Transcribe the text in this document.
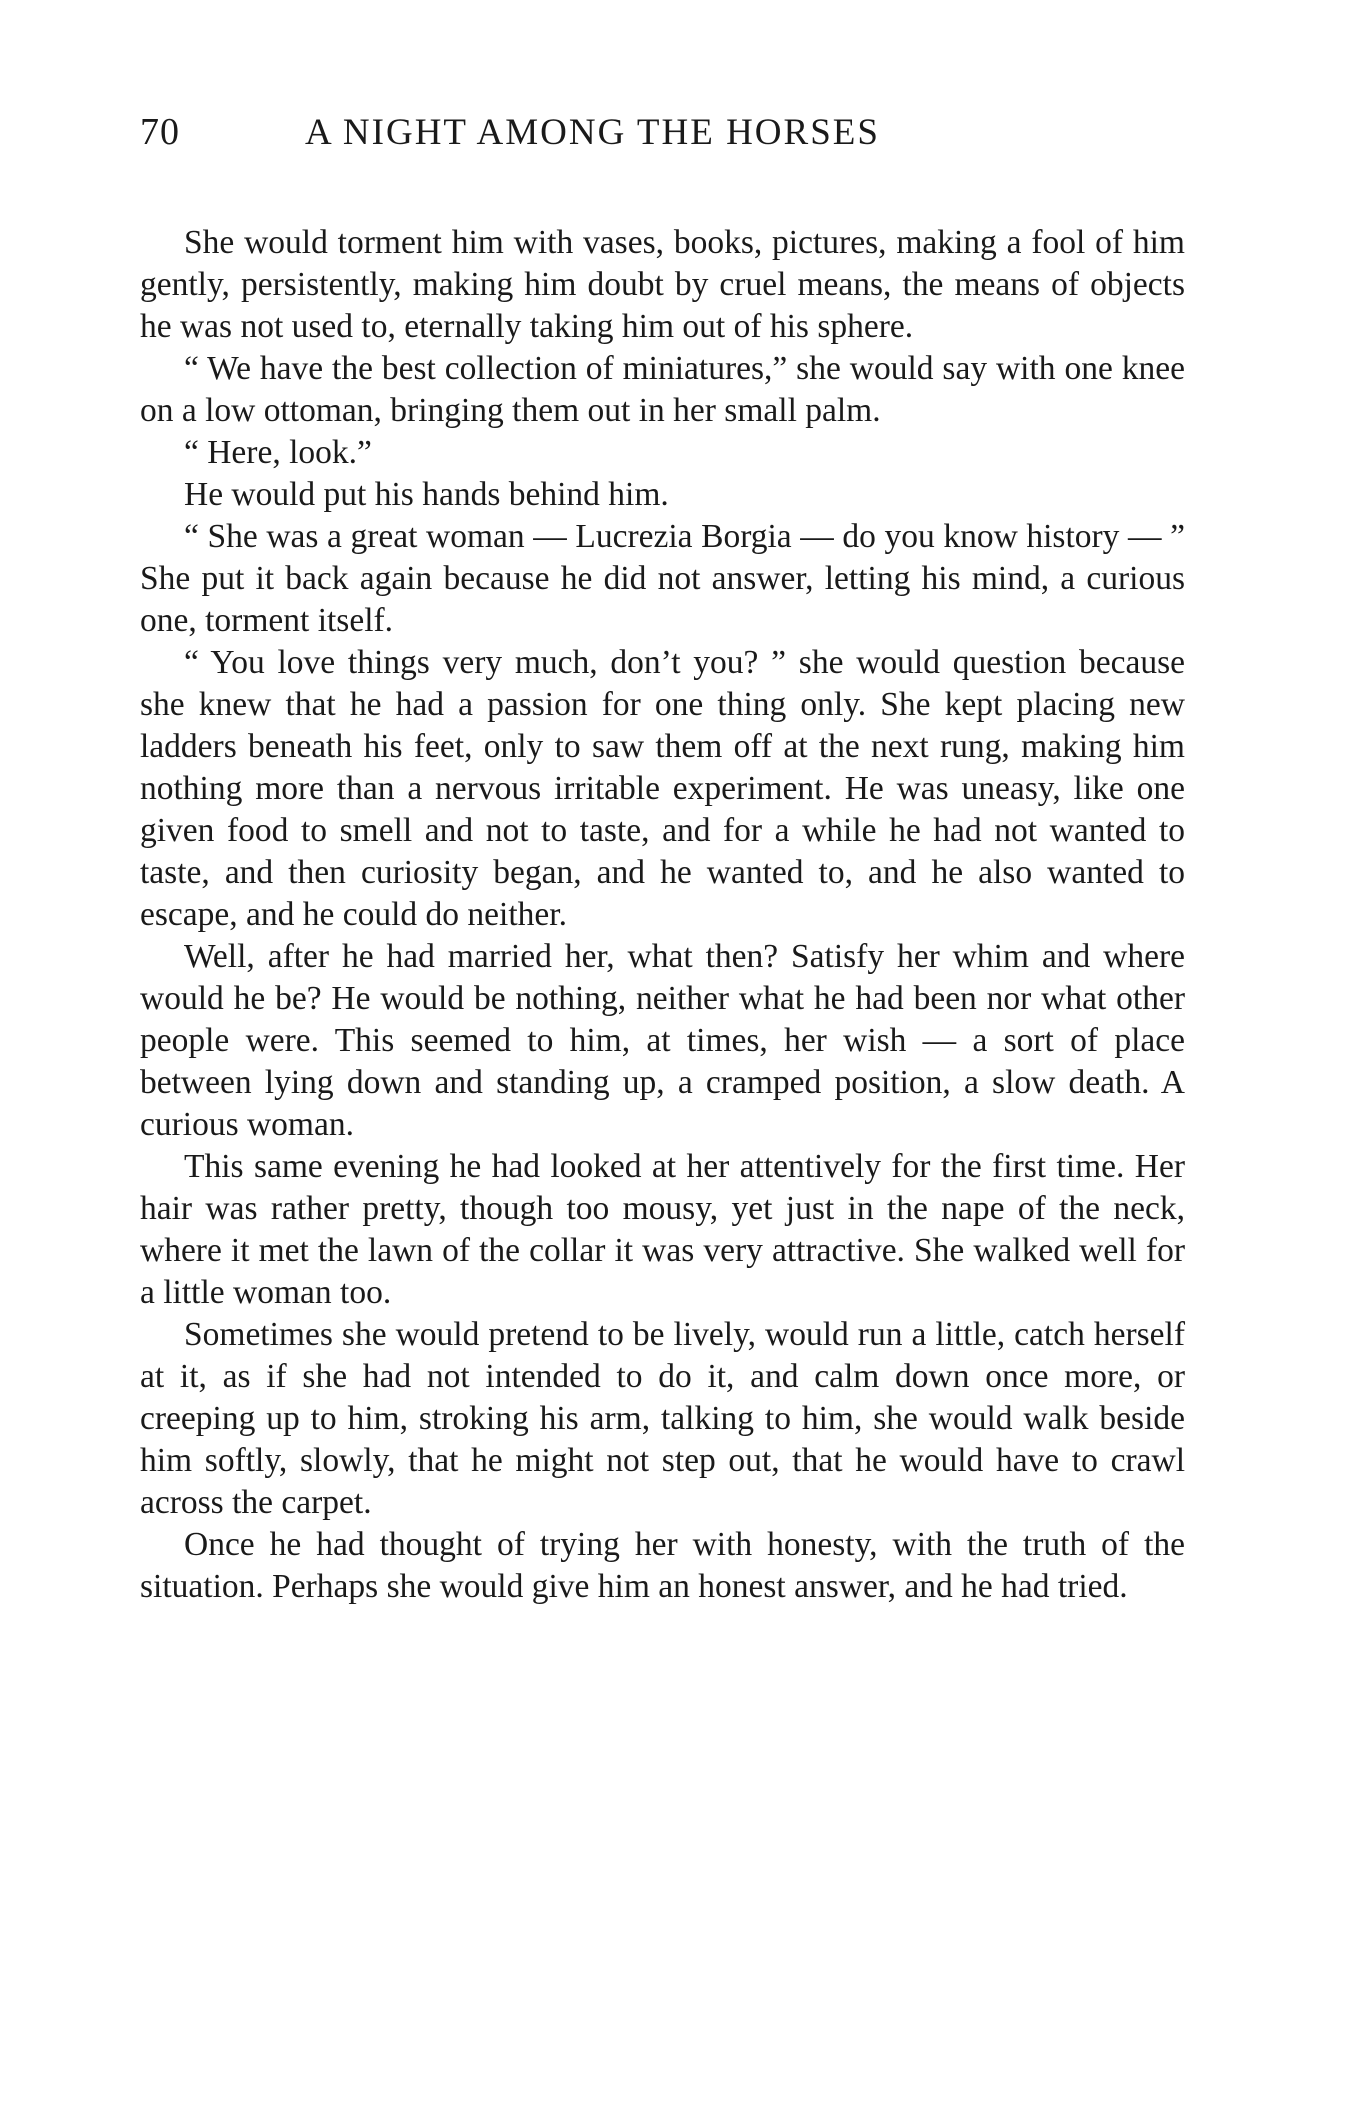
70	A NIGHT AMONG THE HORSES

She would torment him with vases, books, pictures, making a fool of him gently, persistently, making him doubt by cruel means, the means of objects he was not used to, eternally taking him out of his sphere.

“ We have the best collection of miniatures,” she would say with one knee on a low ottoman, bringing them out in her small palm.

“ Here, look.”

He would put his hands behind him.

“ She was a great woman — Lucrezia Borgia — do you know history — ” She put it back again because he did not answer, letting his mind, a curious one, torment itself.

“ You love things very much, don’t you? ” she would question because she knew that he had a passion for one thing only. She kept placing new ladders beneath his feet, only to saw them off at the next rung, making him nothing more than a nervous irritable experiment. He was uneasy, like one given food to smell and not to taste, and for a while he had not wanted to taste, and then curiosity began, and he wanted to, and he also wanted to escape, and he could do neither.

Well, after he had married her, what then? Satisfy her whim and where would he be? He would be nothing, neither what he had been nor what other people were. This seemed to him, at times, her wish — a sort of place between lying down and standing up, a cramped position, a slow death. A curious woman.

This same evening he had looked at her attentively for the first time. Her hair was rather pretty, though too mousy, yet just in the nape of the neck, where it met the lawn of the collar it was very attractive. She walked well for a little woman too.

Sometimes she would pretend to be lively, would run a little, catch herself at it, as if she had not intended to do it, and calm down once more, or creeping up to him, stroking his arm, talking to him, she would walk beside him softly, slowly, that he might not step out, that he would have to crawl across the carpet.

Once he had thought of trying her with honesty, with the truth of the situation. Perhaps she would give him an honest answer, and he had tried.
